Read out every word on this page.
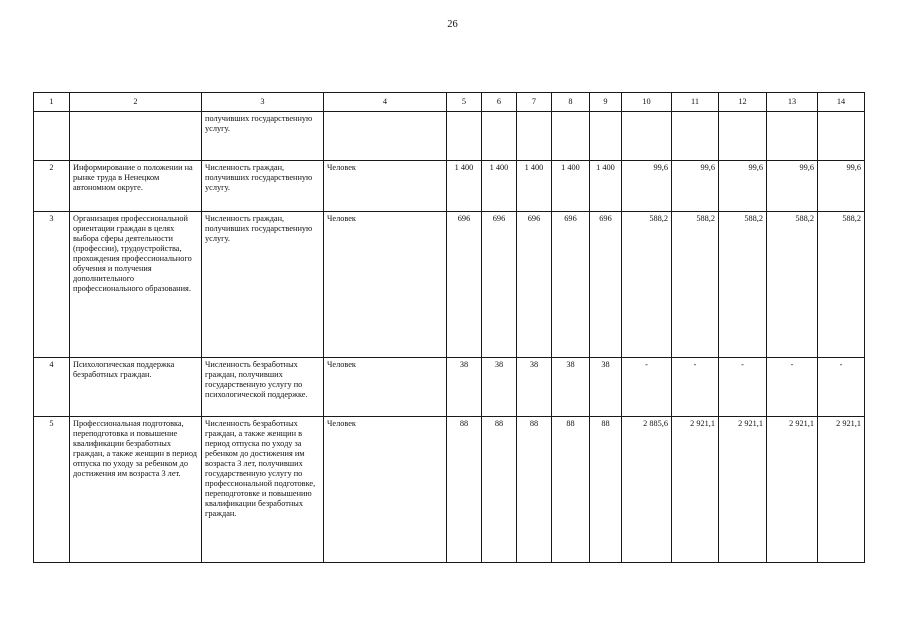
26
1	2	3	4	5	6	7	8	9	10	11	12	13	14
		получивших государственную услугу.											
2	Информирование о положении на рынке труда в Ненецком автономном округе.	Численность граждан, получивших государственную услугу.	Человек	1 400	1 400	1 400	1 400	1 400	99,6	99,6	99,6	99,6	99,6
3	Организация профессиональной ориентации граждан в целях выбора сферы деятельности (профессии), трудоустройства, прохождения профессионального обучения и получения дополнительного профессионального образования.	Численность граждан, получивших государственную услугу.	Человек	696	696	696	696	696	588,2	588,2	588,2	588,2	588,2
4	Психологическая поддержка безработных граждан.	Численность безработных граждан, получивших государственную услугу по психологической поддержке.	Человек	38	38	38	38	38	-	-	-	-	-
5	Профессиональная подготовка, переподготовка и повышение квалификации безработных граждан, а также женщин в период отпуска по уходу за ребенком до достижения им возраста 3 лет.	Численность безработных граждан, а также женщин в период отпуска по уходу за ребенком до достижения им возраста 3 лет, получивших государственную услугу по профессиональной подготовке, переподготовке и повышению квалификации безработных граждан.	Человек	88	88	88	88	88	2 885,6	2 921,1	2 921,1	2 921,1	2 921,1
